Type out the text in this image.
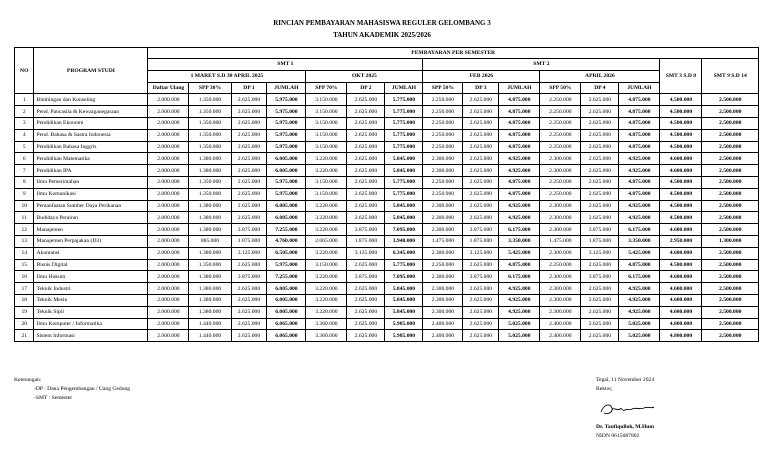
RINCIAN PEMBAYARAN MAHASISWA REGULER GELOMBANG 3
TAHUN AKADEMIK 2025/2026
NO	PROGRAM STUDI	PEMBAYARAN PER SEMESTER														
		SMT 1							SMT 2						SMT 3 S.D 8	SMT 9 S.D 14
		1 MARET S.D 30 APRIL 2025				OKT 2025			FEB 2026			APRIL 2026				
		Daftar Ulang	SPP 30%	DP 1	JUMLAH	SPP 70%	DP 2	JUMLAH	SPP 50%	DP 3	JUMLAH	SPP 50%	DP 4	JUMLAH		
1	Bimbingan dan Konseling	2.000.000	1.350.000	2.625.000	5.975.000	3.150.000	2.625.000	5.775.000	2.250.000	2.625.000	4.875.000	2.250.000	2.625.000	4.875.000	4.500.000	2.500.000
2	Pend. Pancasila & Kewarganegaraan	2.000.000	1.350.000	2.625.000	5.975.000	3.150.000	2.625.000	5.775.000	2.250.000	2.625.000	4.875.000	2.250.000	2.625.000	4.875.000	4.500.000	2.500.000
3	Pendidikan Ekonomi	2.000.000	1.350.000	2.625.000	5.975.000	3.150.000	2.625.000	5.775.000	2.250.000	2.625.000	4.875.000	2.250.000	2.625.000	4.875.000	4.500.000	2.500.000
4	Pend. Bahasa & Sastra Indonesia	2.000.000	1.350.000	2.625.000	5.975.000	3.150.000	2.625.000	5.775.000	2.250.000	2.625.000	4.875.000	2.250.000	2.625.000	4.875.000	4.500.000	2.500.000
5	Pendidikan Bahasa Inggris	2.000.000	1.350.000	2.625.000	5.975.000	3.150.000	2.625.000	5.775.000	2.250.000	2.625.000	4.875.000	2.250.000	2.625.000	4.875.000	4.500.000	2.500.000
6	Pendidikan Matematika	2.000.000	1.380.000	2.625.000	6.005.000	3.220.000	2.625.000	5.845.000	2.300.000	2.625.000	4.925.000	2.300.000	2.625.000	4.925.000	4.600.000	2.500.000
7	Pendidikan IPA	2.000.000	1.380.000	2.625.000	6.005.000	3.220.000	2.625.000	5.845.000	2.300.000	2.625.000	4.925.000	2.300.000	2.625.000	4.925.000	4.600.000	2.500.000
8	Ilmu Pemerintahan	2.000.000	1.350.000	2.625.000	5.975.000	3.150.000	2.625.000	5.775.000	2.250.000	2.625.000	4.875.000	2.250.000	2.625.000	4.875.000	4.500.000	2.500.000
9	Ilmu Komunikasi	2.000.000	1.350.000	2.625.000	5.975.000	3.150.000	2.625.000	5.775.000	2.250.000	2.625.000	4.875.000	2.250.000	2.625.000	4.875.000	4.500.000	2.500.000
10	Pemanfaatan Sumber Daya Perikanan	2.000.000	1.380.000	2.625.000	6.005.000	3.220.000	2.625.000	5.845.000	2.300.000	2.625.000	4.925.000	2.300.000	2.625.000	4.925.000	4.500.000	2.500.000
11	Budidaya Perairan	2.000.000	1.380.000	2.625.000	6.005.000	3.220.000	2.625.000	5.845.000	2.300.000	2.625.000	4.925.000	2.300.000	2.625.000	4.925.000	4.500.000	2.500.000
12	Manajemen	2.000.000	1.380.000	3.875.000	7.255.000	3.220.000	3.875.000	7.095.000	2.300.000	3.875.000	6.175.000	2.300.000	3.875.000	6.175.000	4.600.000	2.500.000
13	Manajemen Perpajakan (D3)	2.000.000	885.000	1.875.000	4.760.000	2.065.000	1.875.000	3.940.000	1.475.000	1.875.000	3.350.000	1.475.000	1.875.000	3.350.000	2.950.000	1.300.000
14	Akuntansi	2.000.000	1.380.000	3.125.000	6.505.000	3.220.000	3.125.000	6.345.000	2.300.000	3.125.000	5.425.000	2.300.000	3.125.000	5.425.000	4.600.000	2.500.000
15	Bisnis Digital	2.000.000	1.350.000	2.625.000	5.975.000	3.150.000	2.625.000	5.775.000	2.250.000	2.625.000	4.875.000	2.250.000	2.625.000	4.875.000	4.500.000	2.500.000
16	Ilmu Hukum	2.000.000	1.380.000	3.875.000	7.255.000	3.220.000	3.875.000	7.095.000	2.300.000	3.875.000	6.175.000	2.300.000	3.875.000	6.175.000	4.600.000	2.500.000
17	Teknik Industri	2.000.000	1.380.000	2.625.000	6.005.000	3.220.000	2.625.000	5.845.000	2.300.000	2.625.000	4.925.000	2.300.000	2.625.000	4.925.000	4.600.000	2.500.000
18	Teknik Mesin	2.000.000	1.380.000	2.625.000	6.005.000	3.220.000	2.625.000	5.845.000	2.300.000	2.625.000	4.925.000	2.300.000	2.625.000	4.925.000	4.600.000	2.500.000
19	Teknik Sipil	2.000.000	1.380.000	2.625.000	6.005.000	3.220.000	2.625.000	5.845.000	2.300.000	2.625.000	4.925.000	2.300.000	2.625.000	4.925.000	4.600.000	2.500.000
20	Ilmu Komputer / Informatika	2.000.000	1.440.000	2.625.000	6.065.000	3.360.000	2.625.000	5.985.000	2.400.000	2.625.000	5.025.000	2.400.000	2.625.000	5.025.000	4.800.000	2.500.000
21	Sistem Informasi	2.000.000	1.440.000	2.625.000	6.065.000	3.360.000	2.625.000	5.985.000	2.400.000	2.625.000	5.025.000	2.400.000	2.625.000	5.025.000	4.800.000	2.500.000
Keterangan:
-DP : Dana Pengembangan / Uang Gedung
-SMT : Semester
Tegal, 11 November 2024
Rektor,
Dr. Taufiqulloh, M.Hum
NIDN 0615087802
